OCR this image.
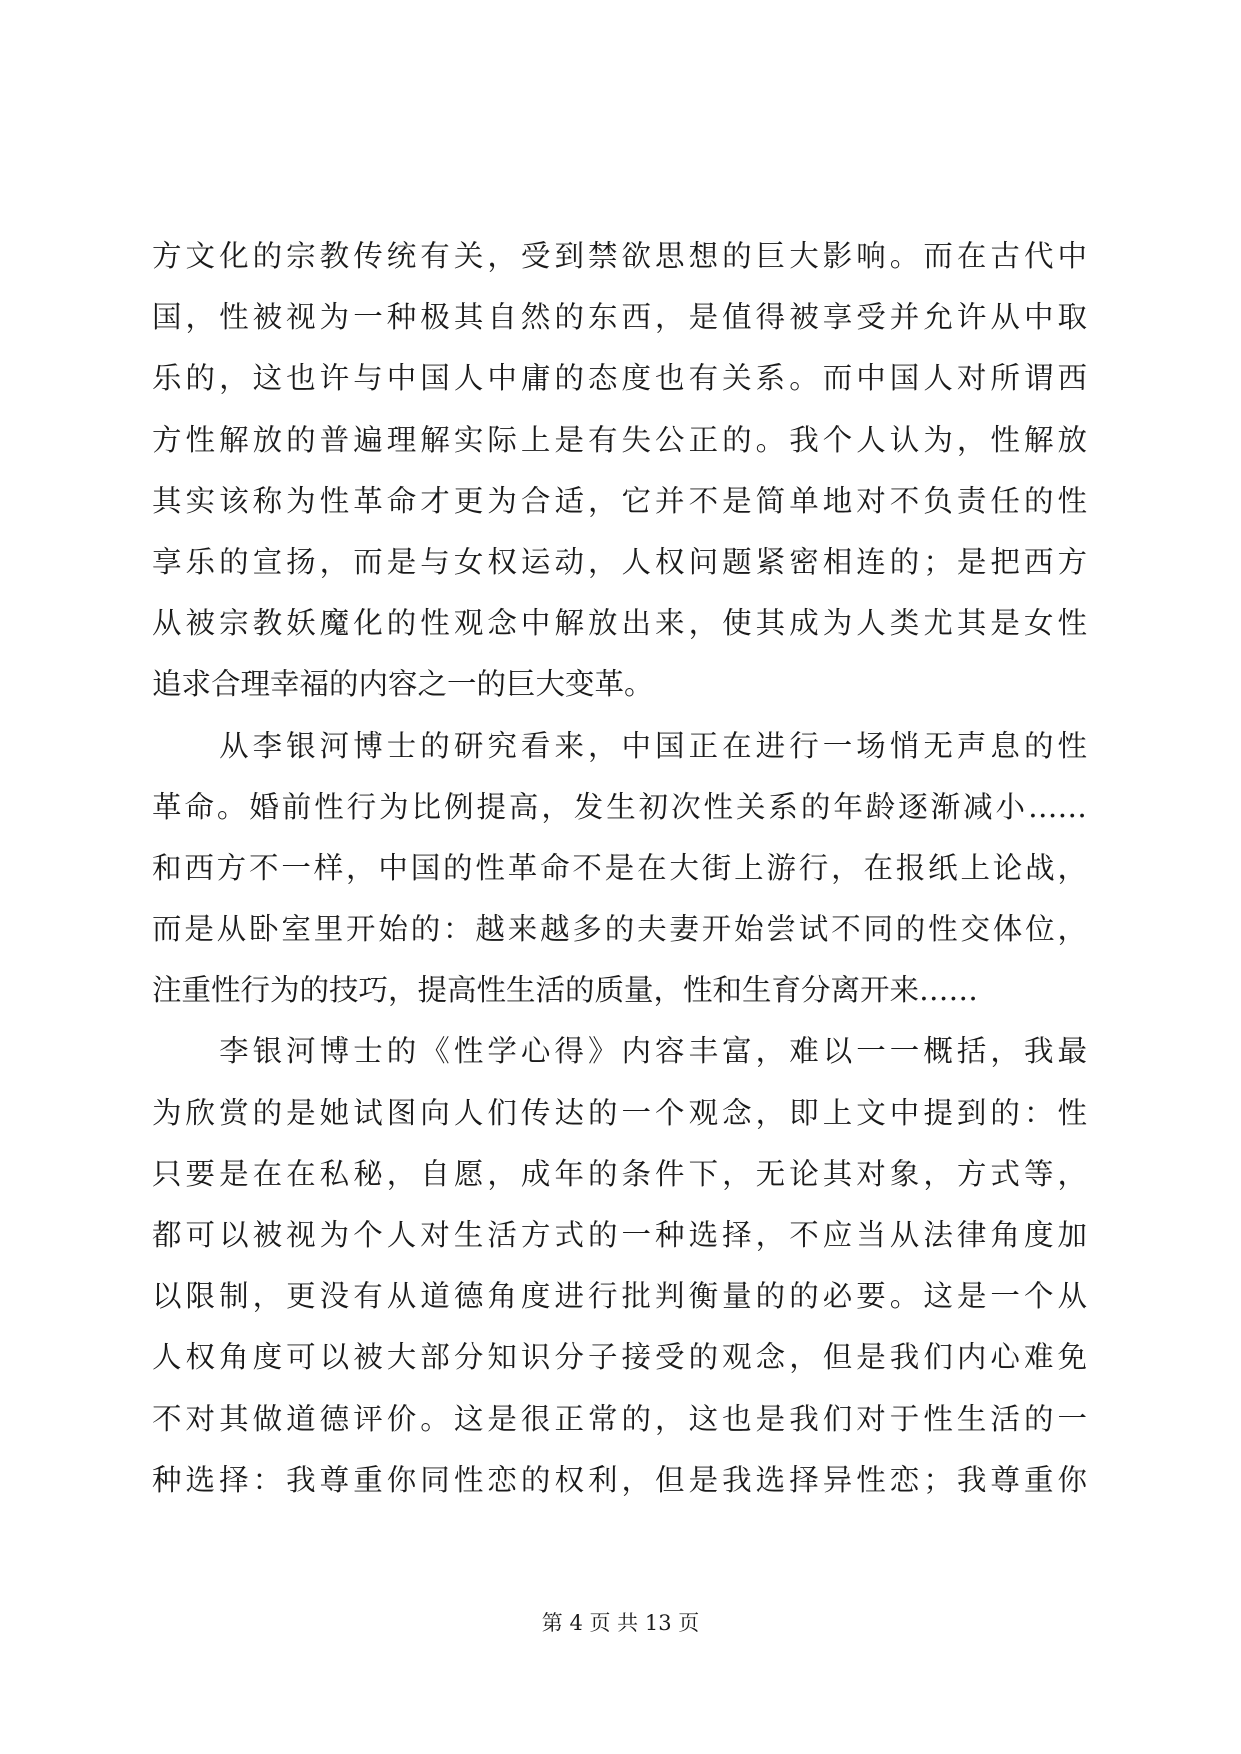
方文化的宗教传统有关，受到禁欲思想的巨大影响。而在古代中
国，性被视为一种极其自然的东西，是值得被享受并允许从中取
乐的，这也许与中国人中庸的态度也有关系。而中国人对所谓西
方性解放的普遍理解实际上是有失公正的。我个人认为，性解放
其实该称为性革命才更为合适，它并不是简单地对不负责任的性
享乐的宣扬，而是与女权运动，人权问题紧密相连的；是把西方
从被宗教妖魔化的性观念中解放出来，使其成为人类尤其是女性
追求合理幸福的内容之一的巨大变革。
　　从李银河博士的研究看来，中国正在进行一场悄无声息的性
革命。婚前性行为比例提高，发生初次性关系的年龄逐渐减小……
和西方不一样，中国的性革命不是在大街上游行，在报纸上论战，
而是从卧室里开始的：越来越多的夫妻开始尝试不同的性交体位，
注重性行为的技巧，提高性生活的质量，性和生育分离开来……
　　李银河博士的《性学心得》内容丰富，难以一一概括，我最
为欣赏的是她试图向人们传达的一个观念，即上文中提到的：性
只要是在在私秘，自愿，成年的条件下，无论其对象，方式等，
都可以被视为个人对生活方式的一种选择，不应当从法律角度加
以限制，更没有从道德角度进行批判衡量的的必要。这是一个从
人权角度可以被大部分知识分子接受的观念，但是我们内心难免
不对其做道德评价。这是很正常的，这也是我们对于性生活的一
种选择：我尊重你同性恋的权利，但是我选择异性恋；我尊重你
第 4 页 共 13 页
